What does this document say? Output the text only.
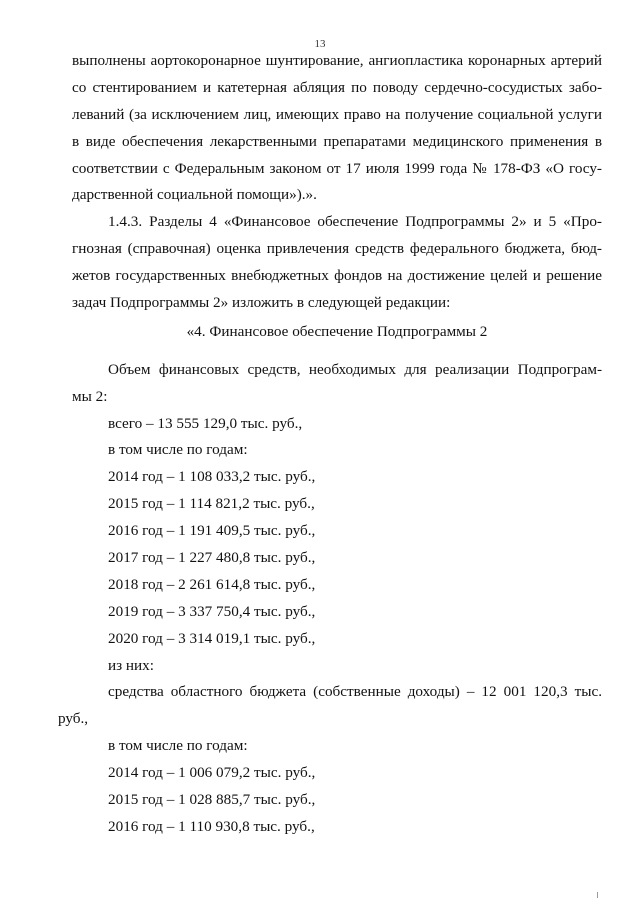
13
выполнены аортокоронарное шунтирование, ангиопластика коронарных артерий
со стентированием и катетерная абляция по поводу сердечно-сосудистых забо-
леваний (за исключением лиц, имеющих право на получение социальной услуги
в виде обеспечения лекарственными препаратами медицинского применения в
соответствии с Федеральным законом от 17 июля 1999 года № 178-ФЗ «О госу-
дарственной социальной помощи»).».
1.4.3. Разделы 4 «Финансовое обеспечение Подпрограммы 2» и 5 «Про-
гнозная (справочная) оценка привлечения средств федерального бюджета, бюд-
жетов государственных внебюджетных фондов на достижение целей и решение
задач Подпрограммы 2» изложить в следующей редакции:
«4. Финансовое обеспечение Подпрограммы 2
Объем финансовых средств, необходимых для реализации Подпрограм-
мы 2:
всего – 13 555 129,0 тыс. руб.,
в том числе по годам:
2014 год – 1 108 033,2 тыс. руб.,
2015 год – 1 114 821,2 тыс. руб.,
2016 год – 1 191 409,5 тыс. руб.,
2017 год – 1 227 480,8 тыс. руб.,
2018 год – 2 261 614,8 тыс. руб.,
2019 год – 3 337 750,4 тыс. руб.,
2020 год – 3 314 019,1 тыс. руб.,
из них:
средства областного бюджета (собственные доходы) – 12 001 120,3 тыс.
руб.,
в том числе по годам:
2014 год – 1 006 079,2 тыс. руб.,
2015 год – 1 028 885,7 тыс. руб.,
2016 год – 1 110 930,8 тыс. руб.,
